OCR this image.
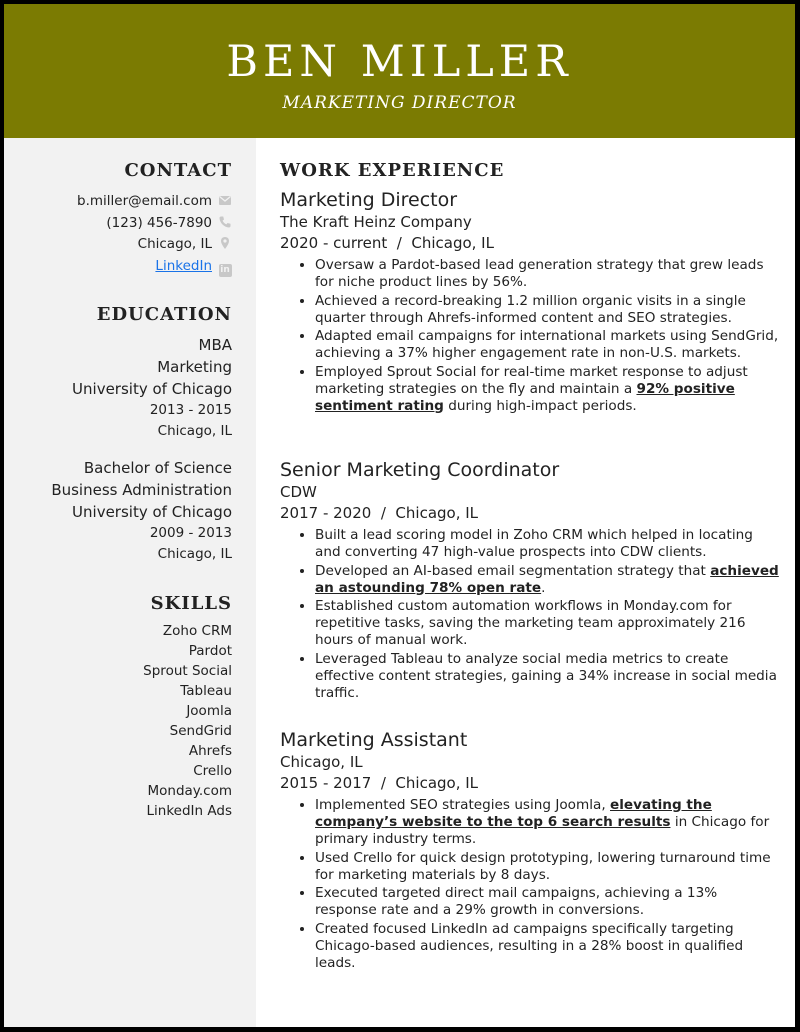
BEN MILLER
MARKETING DIRECTOR
CONTACT
b.miller@email.com
(123) 456-7890
Chicago, IL
LinkedIn in
EDUCATION
MBA
Marketing
University of Chicago
2013 - 2015
Chicago, IL
Bachelor of Science
Business Administration
University of Chicago
2009 - 2013
Chicago, IL
SKILLS
Zoho CRM
Pardot
Sprout Social
Tableau
Joomla
SendGrid
Ahrefs
Crello
Monday.com
LinkedIn Ads
WORK EXPERIENCE
Marketing Director
The Kraft Heinz Company
2020 - current  /  Chicago, IL
• Oversaw a Pardot-based lead generation strategy that grew leads for niche product lines by 56%.
• Achieved a record-breaking 1.2 million organic visits in a single quarter through Ahrefs-informed content and SEO strategies.
• Adapted email campaigns for international markets using SendGrid, achieving a 37% higher engagement rate in non-U.S. markets.
• Employed Sprout Social for real-time market response to adjust marketing strategies on the fly and maintain a 92% positive sentiment rating during high-impact periods.
Senior Marketing Coordinator
CDW
2017 - 2020  /  Chicago, IL
• Built a lead scoring model in Zoho CRM which helped in locating and converting 47 high-value prospects into CDW clients.
• Developed an AI-based email segmentation strategy that achieved an astounding 78% open rate.
• Established custom automation workflows in Monday.com for repetitive tasks, saving the marketing team approximately 216 hours of manual work.
• Leveraged Tableau to analyze social media metrics to create effective content strategies, gaining a 34% increase in social media traffic.
Marketing Assistant
Chicago, IL
2015 - 2017  /  Chicago, IL
• Implemented SEO strategies using Joomla, elevating the company’s website to the top 6 search results in Chicago for primary industry terms.
• Used Crello for quick design prototyping, lowering turnaround time for marketing materials by 8 days.
• Executed targeted direct mail campaigns, achieving a 13% response rate and a 29% growth in conversions.
• Created focused LinkedIn ad campaigns specifically targeting Chicago-based audiences, resulting in a 28% boost in qualified leads.
